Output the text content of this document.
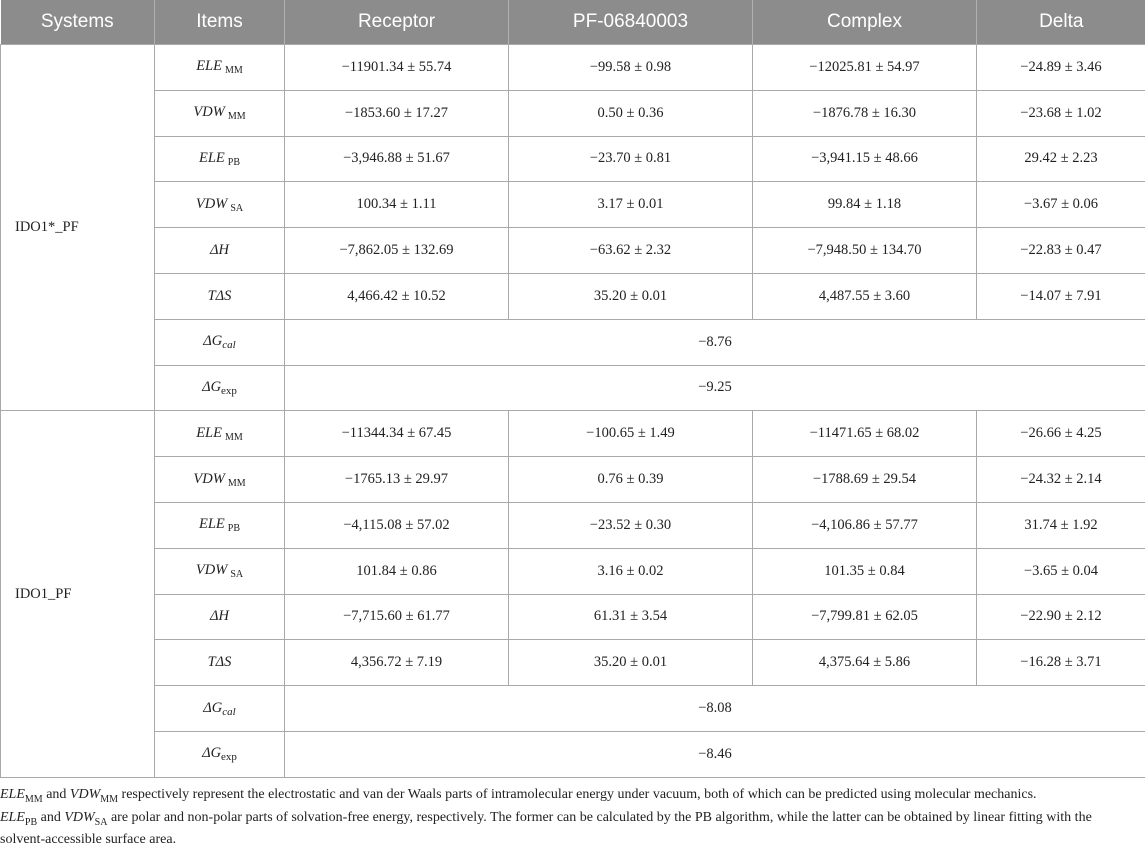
Systems	Items	Receptor	PF-06840003	Complex	Delta
IDO1*_PF	ELE $_{MM}$	−11901.34 ± 55.74	−99.58 ± 0.98	−12025.81 ± 54.97	−24.89 ± 3.46
	VDW $_{MM}$	−1853.60 ± 17.27	0.50 ± 0.36	−1876.78 ± 16.30	−23.68 ± 1.02
	ELE $_{PB}$	−3,946.88 ± 51.67	−23.70 ± 0.81	−3,941.15 ± 48.66	29.42 ± 2.23
	VDW $_{SA}$	100.34 ± 1.11	3.17 ± 0.01	99.84 ± 1.18	−3.67 ± 0.06
	ΔH	−7,862.05 ± 132.69	−63.62 ± 2.32	−7,948.50 ± 134.70	−22.83 ± 0.47
	TΔS	4,466.42 ± 10.52	35.20 ± 0.01	4,487.55 ± 3.60	−14.07 ± 7.91
	$\Delta G_{cal}$	−8.76			
	$\Delta G_{exp}$	−9.25			
IDO1_PF	ELE $_{MM}$	−11344.34 ± 67.45	−100.65 ± 1.49	−11471.65 ± 68.02	−26.66 ± 4.25
	VDW $_{MM}$	−1765.13 ± 29.97	0.76 ± 0.39	−1788.69 ± 29.54	−24.32 ± 2.14
	ELE $_{PB}$	−4,115.08 ± 57.02	−23.52 ± 0.30	−4,106.86 ± 57.77	31.74 ± 1.92
	VDW $_{SA}$	101.84 ± 0.86	3.16 ± 0.02	101.35 ± 0.84	−3.65 ± 0.04
	ΔH	−7,715.60 ± 61.77	61.31 ± 3.54	−7,799.81 ± 62.05	−22.90 ± 2.12
	TΔS	4,356.72 ± 7.19	35.20 ± 0.01	4,375.64 ± 5.86	−16.28 ± 3.71
	$\Delta G_{cal}$	−8.08			
	$\Delta G_{exp}$	−8.46			
$ELE_{MM}$ and $VDW_{MM}$ respectively represent the electrostatic and van der Waals parts of intramolecular energy under vacuum, both of which can be predicted using molecular mechanics.
$ELE_{PB}$ and $VDW_{SA}$ are polar and non-polar parts of solvation-free energy, respectively. The former can be calculated by the PB algorithm, while the latter can be obtained by linear fitting with the solvent-accessible surface area.
